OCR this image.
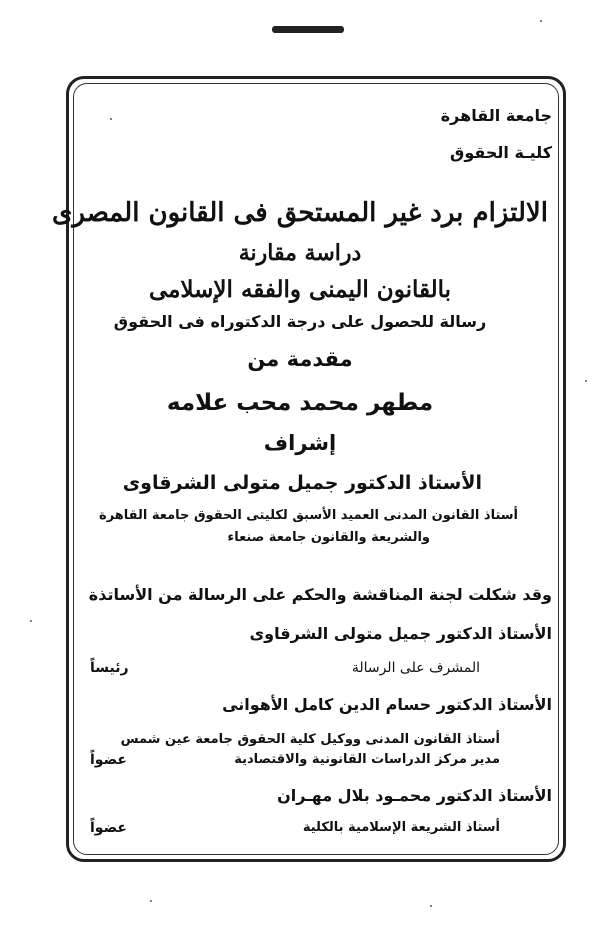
جامعة القاهرة
كليـة الحقوق
الالتزام برد غير المستحق فى القانون المصرى
دراسة مقارنة
بالقانون اليمنى والفقه الإسلامى
رسالة للحصول على درجة الدكتوراه فى الحقوق
مقدمة من
مطهر محمد محب علامه
إشراف
الأستاذ الدكتور جميل متولى الشرقاوى
أستاذ القانون المدنى العميد الأسبق لكليتى الحقوق جامعة القاهرة
والشريعة والقانون جامعة صنعاء
وقد شكلت لجنة المناقشة والحكم على الرسالة من الأساتذة
الأستاذ الدكتور جميل متولى الشرقاوى
المشرف على الرسالة
رئيساً
الأستاذ الدكتور حسام الدين كامل الأهوانى
أستاذ القانون المدنى ووكيل كلية الحقوق جامعة عين شمس
مدير مركز الدراسات القانونية والاقتصادية
عضواً
الأستاذ الدكتور محمـود بلال مهـران
أستاذ الشريعة الإسلامية بالكلية
عضواً
